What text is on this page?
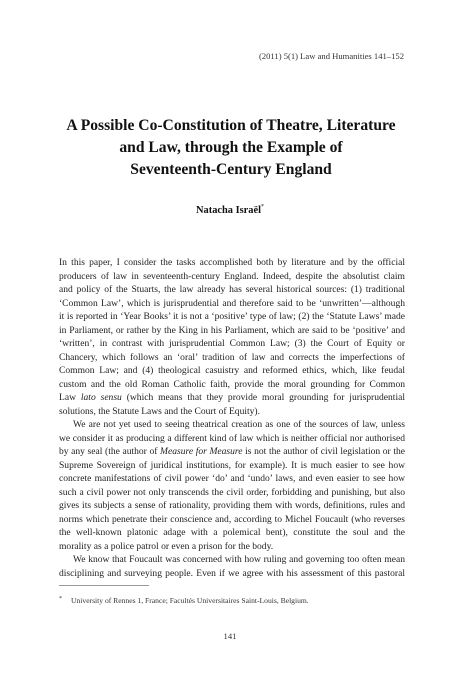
(2011) 5(1) Law and Humanities 141–152
A Possible Co-Constitution of Theatre, Literature
and Law, through the Example of
Seventeenth-Century England
Natacha Israël*
In this paper, I consider the tasks accomplished both by literature and by the official
producers of law in seventeenth-century England. Indeed, despite the absolutist claim
and policy of the Stuarts, the law already has several historical sources: (1) traditional
‘Common Law’, which is jurisprudential and therefore said to be ‘unwritten’—although
it is reported in ‘Year Books’ it is not a ‘positive’ type of law; (2) the ‘Statute Laws’ made
in Parliament, or rather by the King in his Parliament, which are said to be ‘positive’ and
‘written’, in contrast with jurisprudential Common Law; (3) the Court of Equity or
Chancery, which follows an ‘oral’ tradition of law and corrects the imperfections of
Common Law; and (4) theological casuistry and reformed ethics, which, like feudal
custom and the old Roman Catholic faith, provide the moral grounding for Common
Law lato sensu (which means that they provide moral grounding for jurisprudential
solutions, the Statute Laws and the Court of Equity).
We are not yet used to seeing theatrical creation as one of the sources of law, unless
we consider it as producing a different kind of law which is neither official nor authorised
by any seal (the author of Measure for Measure is not the author of civil legislation or the
Supreme Sovereign of juridical institutions, for example). It is much easier to see how
concrete manifestations of civil power ‘do’ and ‘undo’ laws, and even easier to see how
such a civil power not only transcends the civil order, forbidding and punishing, but also
gives its subjects a sense of rationality, providing them with words, definitions, rules and
norms which penetrate their conscience and, according to Michel Foucault (who reverses
the well-known platonic adage with a polemical bent), constitute the soul and the
morality as a police patrol or even a prison for the body.
We know that Foucault was concerned with how ruling and governing too often mean
disciplining and surveying people. Even if we agree with his assessment of this pastoral
* University of Rennes 1, France; Facultés Universitaires Saint-Louis, Belgium.
141
